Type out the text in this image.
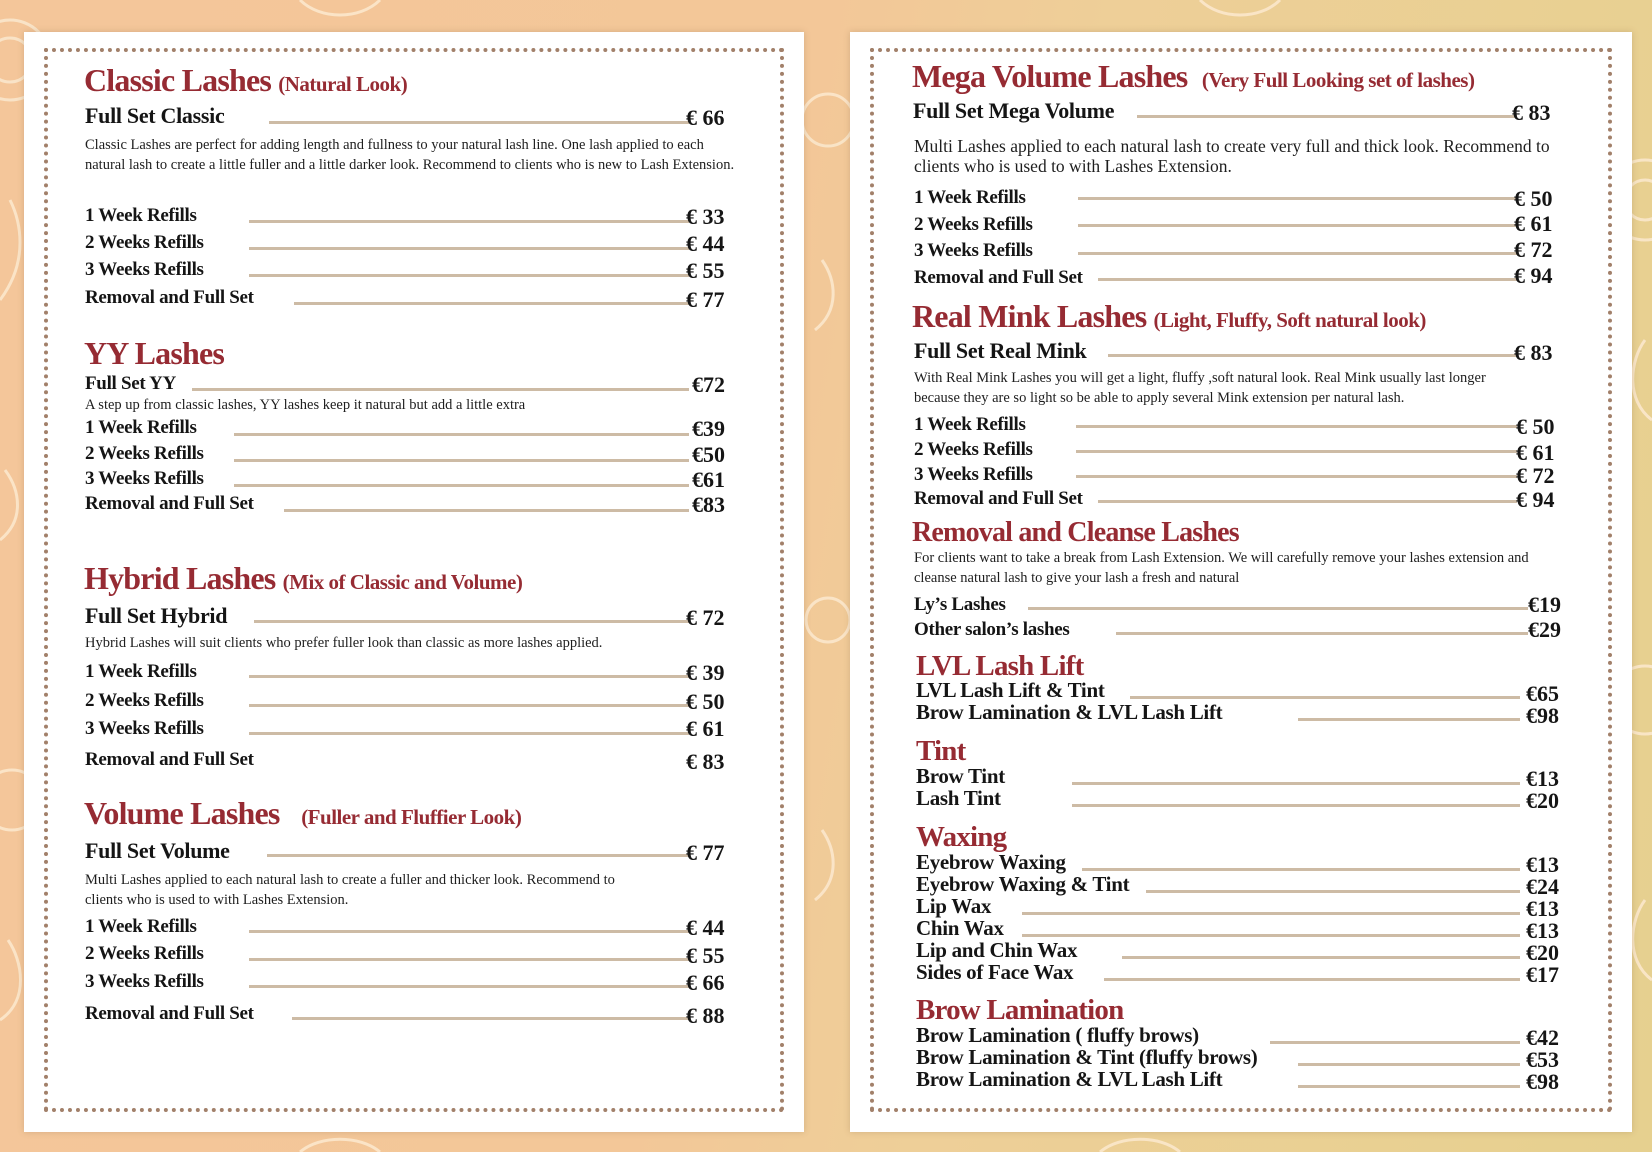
Classic Lashes (Natural Look)
Full Set Classic	€ 66
Classic Lashes are perfect for adding length and fullness to your natural lash line. One lash applied to each natural lash to create a little fuller and a little darker look. Recommend to clients who is new to Lash Extension.
1 Week Refills	€ 33
2 Weeks Refills	€ 44
3 Weeks Refills	€ 55
Removal and Full Set	€ 77
YY Lashes
Full Set YY	€72
A step up from classic lashes, YY lashes keep it natural but add a little extra
1 Week Refills	€39
2 Weeks Refills	€50
3 Weeks Refills	€61
Removal and Full Set	€83
Hybrid Lashes (Mix of Classic and Volume)
Full Set Hybrid	€ 72
Hybrid Lashes will suit clients who prefer fuller look than classic as more lashes applied.
1 Week Refills	€ 39
2 Weeks Refills	€ 50
3 Weeks Refills	€ 61
Removal and Full Set	€ 83
Volume Lashes (Fuller and Fluffier Look)
Full Set Volume	€ 77
Multi Lashes applied to each natural lash to create a fuller and thicker look. Recommend to clients who is used to with Lashes Extension.
1 Week Refills	€ 44
2 Weeks Refills	€ 55
3 Weeks Refills	€ 66
Removal and Full Set	€ 88
Mega Volume Lashes (Very Full Looking set of lashes)
Full Set Mega Volume	€ 83
Multi Lashes applied to each natural lash to create very full and thick look. Recommend to clients who is used to with Lashes Extension.
1 Week Refills	€ 50
2 Weeks Refills	€ 61
3 Weeks Refills	€ 72
Removal and Full Set	€ 94
Real Mink Lashes (Light, Fluffy, Soft natural look)
Full Set Real Mink	€ 83
With Real Mink Lashes you will get a light, fluffy ,soft natural look. Real Mink usually last longer because they are so light so be able to apply several Mink extension per natural lash.
1 Week Refills	€ 50
2 Weeks Refills	€ 61
3 Weeks Refills	€ 72
Removal and Full Set	€ 94
Removal and Cleanse Lashes
For clients want to take a break from Lash Extension. We will carefully remove your lashes extension and cleanse natural lash to give your lash a fresh and natural
Ly’s Lashes	€19
Other salon’s lashes	€29
LVL Lash Lift
LVL Lash Lift & Tint	€65
Brow Lamination & LVL Lash Lift	€98
Tint
Brow Tint	€13
Lash Tint	€20
Waxing
Eyebrow Waxing	€13
Eyebrow Waxing & Tint	€24
Lip Wax	€13
Chin Wax	€13
Lip and Chin Wax	€20
Sides of Face Wax	€17
Brow Lamination
Brow Lamination ( fluffy brows)	€42
Brow Lamination & Tint (fluffy brows)	€53
Brow Lamination & LVL Lash Lift	€98
